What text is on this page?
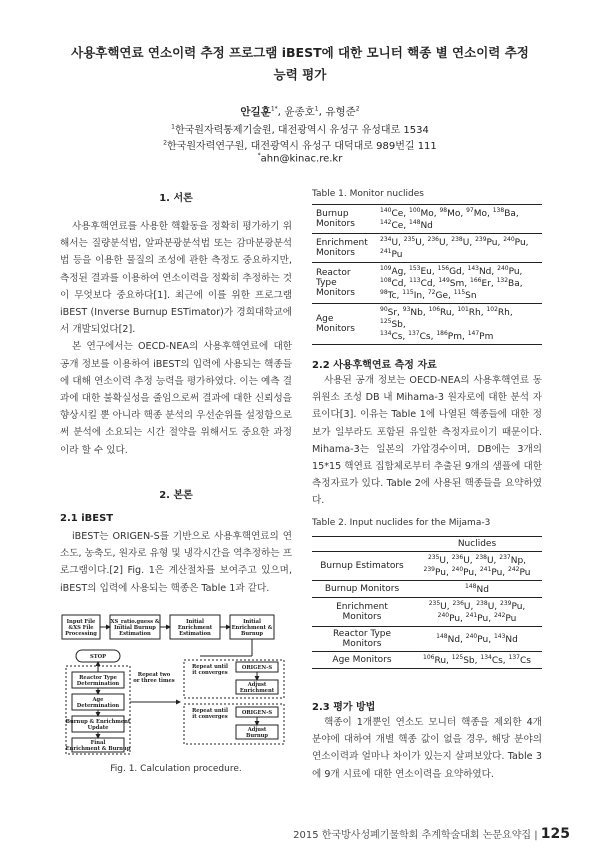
사용후핵연료 연소이력 추정 프로그램 iBEST에 대한 모니터 핵종 별 연소이력 추정
능력 평가
안길훈$^{1*}$, 윤종호$^1$, 유형준$^2$
$^1$한국원자력통제기술원, 대전광역시 유성구 유성대로 1534
$^2$한국원자력연구원, 대전광역시 유성구 대덕대로 989번길 111
*ahn@kinac.re.kr
1. 서론

사용후핵연료를 사용한 핵활동을 정확히 평가하기 위해서는 질량분석법, 알파분광분석법 또는 감마분광분석법 등을 이용한 물질의 조성에 관한 측정도 중요하지만, 측정된 결과를 이용하여 연소이력을 정확히 추정하는 것이 무엇보다 중요하다[1]. 최근에 이를 위한 프로그램 iBEST (Inverse Burnup ESTimator)가 경희대학교에서 개발되었다[2].

본 연구에서는 OECD-NEA의 사용후핵연료에 대한 공개 정보를 이용하여 iBEST의 입력에 사용되는 핵종들에 대해 연소이력 추정 능력을 평가하였다. 이는 예측 결과에 대한 불확실성을 줄임으로써 결과에 대한 신뢰성을 향상시킬 뿐 아니라 핵종 분석의 우선순위를 설정함으로써 분석에 소요되는 시간 절약을 위해서도 중요한 과정이라 할 수 있다.

2. 본론
2.1 iBEST

iBEST는 ORIGEN-S를 기반으로 사용후핵연료의 연소도, 농축도, 원자로 유형 및 냉각시간을 역추정하는 프로그램이다.[2] Fig. 1은 계산절차를 보여주고 있으며, iBEST의 입력에 사용되는 핵종은 Table 1과 같다.

Input File &XS File Processing
XS_ratio.guess & Initial Burnup Estimation
Initial Enrichment Estimation
Initial Enrichment & Burnup
STOP
Reactor Type Determination
Age Determination
Burnup & Enrichment Update
Final Enrichment & Burnup
Repeat two or three times
Repeat until it converges
ORIGEN-S
Adjust Enrichment
Repeat until it converges
ORIGEN-S
Adjust Burnup
Fig. 1. Calculation procedure.
Table 1. Monitor nuclides
Burnup Monitors	$^{140}$Ce, $^{100}$Mo, $^{98}$Mo, $^{97}$Mo, $^{138}$Ba,
$^{142}$Ce, $^{148}$Nd

Enrichment Monitors	$^{234}$U, $^{235}$U, $^{236}$U, $^{238}$U, $^{239}$Pu, $^{240}$Pu,
$^{241}$Pu

Reactor Type Monitors	$^{109}$Ag, $^{153}$Eu, $^{156}$Gd, $^{143}$Nd, $^{240}$Pu,
$^{108}$Cd, $^{113}$Cd, $^{149}$Sm, $^{166}$Er, $^{132}$Ba,
$^{98}$Tc, $^{115}$In, $^{72}$Ge, $^{115}$Sn

Age Monitors	$^{90}$Sr, $^{93}$Nb, $^{106}$Ru, $^{101}$Rh, $^{102}$Rh, $^{125}$Sb,
$^{134}$Cs, $^{137}$Cs, $^{186}$Pm, $^{147}$Pm
2.2 사용후핵연료 측정 자료

사용된 공개 정보는 OECD-NEA의 사용후핵연료 동위원소 조성 DB 내 Mihama-3 원자로에 대한 분석 자료이다[3]. 이유는 Table 1에 나열된 핵종들에 대한 정보가 일부라도 포함된 유일한 측정자료이기 때문이다. Mihama-3는 일본의 가압경수이며, DB에는 3개의 15*15 핵연료 집합체로부터 추출된 9개의 샘플에 대한 측정자료가 있다. Table 2에 사용된 핵종들을 요약하였다.

Table 2. Input nuclides for the Mijama-3
	Nuclides
Burnup Estimators	$^{235}$U, $^{236}$U, $^{238}$U, $^{237}$Np,
$^{239}$Pu, $^{240}$Pu, $^{241}$Pu, $^{242}$Pu

Burnup Monitors	$^{148}$Nd
Enrichment Monitors	$^{235}$U, $^{236}$U, $^{238}$U, $^{239}$Pu,
$^{240}$Pu, $^{241}$Pu, $^{242}$Pu

Reactor Type Monitors	$^{148}$Nd, $^{240}$Pu, $^{143}$Nd
Age Monitors	$^{106}$Ru, $^{125}$Sb, $^{134}$Cs, $^{137}$Cs
2.3 평가 방법

핵종이 1개뿐인 연소도 모니터 핵종을 제외한 4개 분야에 대하여 개별 핵종 값이 없을 경우, 해당 분야의 연소이력과 얼마나 차이가 있는지 살펴보았다. Table 3에 9개 시료에 대한 연소이력을 요약하였다.

2015 한국방사성폐기물학회 추계학술대회 논문요약집 | 125
